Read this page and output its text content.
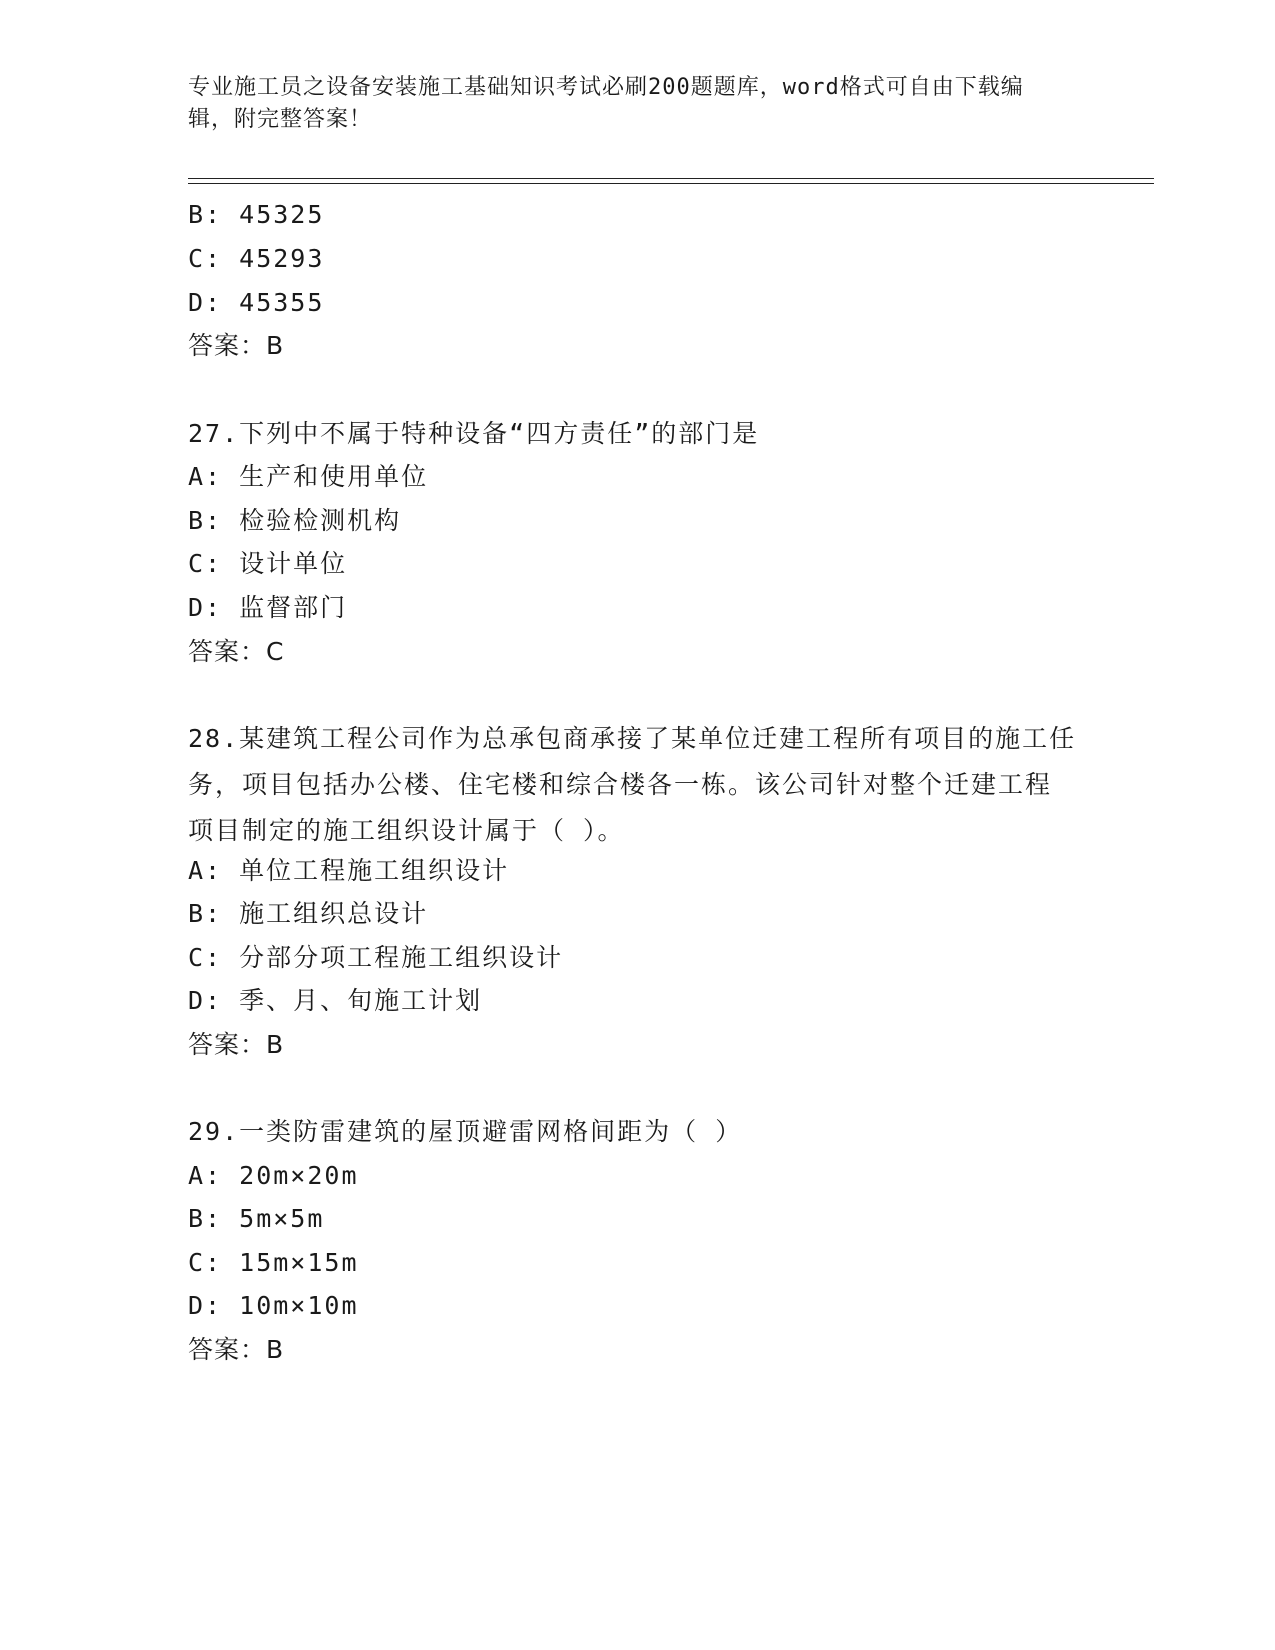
专业施工员之设备安装施工基础知识考试必刷200题题库，word格式可自由下载编辑，附完整答案！
B: 45325
C: 45293
D: 45355
答案：B
27.下列中不属于特种设备“四方责任”的部门是
A: 生产和使用单位
B: 检验检测机构
C: 设计单位
D: 监督部门
答案：C
28.某建筑工程公司作为总承包商承接了某单位迁建工程所有项目的施工任务，项目包括办公楼、住宅楼和综合楼各一栋。该公司针对整个迁建工程项目制定的施工组织设计属于（ ）。
A: 单位工程施工组织设计
B: 施工组织总设计
C: 分部分项工程施工组织设计
D: 季、月、旬施工计划
答案：B
29.一类防雷建筑的屋顶避雷网格间距为（ ）
A: 20m×20m
B: 5m×5m
C: 15m×15m
D: 10m×10m
答案：B
